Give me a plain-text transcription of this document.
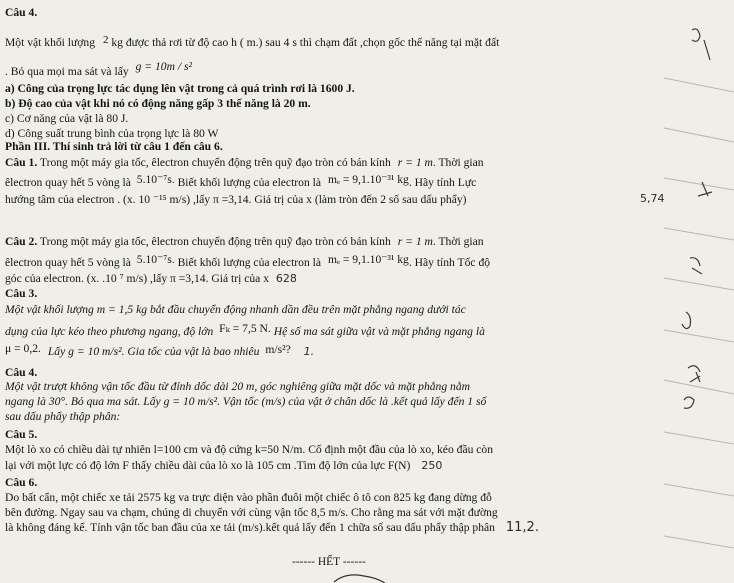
Câu 4.
Một vật khối lượng 2 kg được thả rơi từ độ cao h ( m.) sau 4 s thì chạm đất ,chọn gốc thế năng tại mặt đất
. Bỏ qua mọi ma sát và lấy g = 10m / s²
a) Công của trọng lực tác dụng lên vật trong cả quá trình rơi là 1600 J.
b) Độ cao của vật khi nó có động năng gấp 3 thế năng là 20 m.
c) Cơ năng của vật là 80 J.
d) Công suất trung bình của trọng lực là 80 W
Phần III. Thí sinh trả lời từ câu 1 đến câu 6.
Câu 1. Trong một máy gia tốc, êlectron chuyển động trên quỹ đạo tròn có bán kính r = 1 m. Thời gian
êlectron quay hết 5 vòng là 5.10⁻⁷s. Biết khối lượng của electron là mₑ = 9,1.10⁻³¹ kg. Hãy tính Lực
hướng tâm của electron . (x. 10 ⁻¹⁵ m/s) ,lấy π =3,14. Giá trị của x (làm tròn đến 2 số sau dấu phẩy)	5,74
Câu 2. Trong một máy gia tốc, êlectron chuyển động trên quỹ đạo tròn có bán kính r = 1 m. Thời gian
êlectron quay hết 5 vòng là 5.10⁻⁷s. Biết khối lượng của electron là mₑ = 9,1.10⁻³¹ kg. Hãy tính Tốc độ
góc của electron. (x. .10 ⁷ m/s) ,lấy π =3,14. Giá trị của x 628
Câu 3.
Một vật khối lượng m = 1,5 kg bắt đầu chuyển động nhanh dần đều trên mặt phẳng ngang dưới tác
dụng của lực kéo theo phương ngang, độ lớn Fₖ = 7,5 N. Hệ số ma sát giữa vật và mặt phẳng ngang là
μ = 0,2. Lấy g = 10 m/s². Gia tốc của vật là bao nhiêu m/s²? 1.
Câu 4.
Một vật trượt không vận tốc đầu từ đỉnh dốc dài 20 m, góc nghiêng giữa mặt dốc và mặt phẳng nằm
ngang là 30°. Bỏ qua ma sát. Lấy g = 10 m/s². Vận tốc (m/s) của vật ở chân dốc là .kết quả lấy đến 1 số
sau dấu phẩy thập phân:
Câu 5.
Một lò xo có chiều dài tự nhiên l=100 cm và độ cứng k=50 N/m. Cố định một đầu của lò xo, kéo đầu còn
lại với một lực có độ lớn F thấy chiều dài của lò xo là 105 cm .Tìm độ lớn của lực F(N) 250
Câu 6.
Do bất cẩn, một chiếc xe tải 2575 kg va trực diện vào phần đuôi một chiếc ô tô con 825 kg đang dừng đỗ
bên đường. Ngay sau va chạm, chúng di chuyển với cùng vận tốc 8,5 m/s. Cho rằng ma sát với mặt đường
là không đáng kể. Tính vận tốc ban đầu của xe tải (m/s).kết quả lấy đến 1 chữa số sau dấu phẩy thập phân 11,2.
------ HẾT ------
